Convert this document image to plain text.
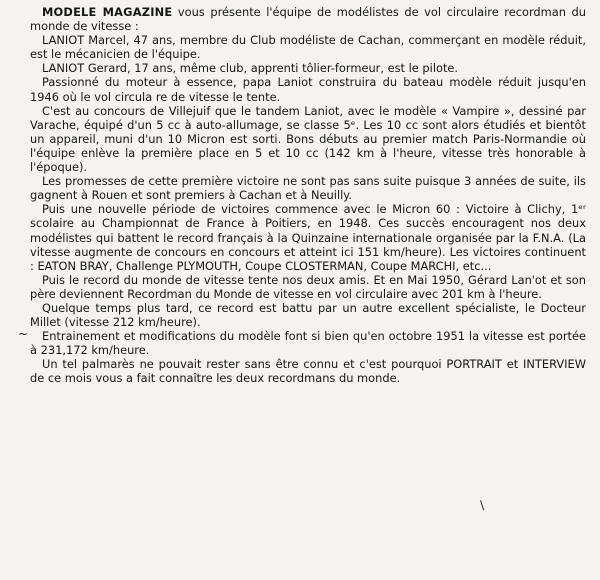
MODELE MAGAZINE vous présente l'équipe de modélistes de vol circulaire recordman du monde de vitesse :

LANIOT Marcel, 47 ans, membre du Club modéliste de Cachan, commerçant en modèle réduit, est le mécanicien de l'équipe.

LANIOT Gerard, 17 ans, même club, apprenti tôlier-formeur, est le pilote.

Passionné du moteur à essence, papa Laniot construira du bateau modèle réduit jusqu'en 1946 où le vol circula re de vitesse le tente.

C'est au concours de Villejuif que le tandem Laniot, avec le modèle « Vampire », dessiné par Varache, équipé d'un 5 cc à auto-allumage, se classe 5ᵉ. Les 10 cc sont alors étudiés et bientôt un appareil, muni d'un 10 Micron est sorti. Bons débuts au premier match Paris-Normandie où l'équipe enlève la première place en 5 et 10 cc (142 km à l'heure, vitesse très honorable à l'époque).

Les promesses de cette première victoire ne sont pas sans suite puisque 3 années de suite, ils gagnent à Rouen et sont premiers à Cachan et à Neuilly.

Puis une nouvelle période de victoires commence avec le Micron 60 : Victoire à Clichy, 1ᵉʳ scolaire au Championnat de France à Poitiers, en 1948. Ces succès encouragent nos deux modélistes qui battent le record français à la Quinzaine internationale organisée par la F.N.A. (La vitesse augmente de concours en concours et atteint ici 151 km/heure). Les victoires continuent : EATON BRAY, Challenge PLYMOUTH, Coupe CLOSTERMAN, Coupe MARCHI, etc...

Puis le record du monde de vitesse tente nos deux amis. Et en Mai 1950, Gérard Lan'ot et son père deviennent Recordman du Monde de vitesse en vol circulaire avec 201 km à l'heure.

Quelque temps plus tard, ce record est battu par un autre excellent spécialiste, le Docteur Millet (vitesse 212 km/heure).

Entrainement et modifications du modèle font si bien qu'en octobre 1951 la vitesse est portée à 231,172 km/heure.

Un tel palmarès ne pouvait rester sans être connu et c'est pourquoi PORTRAIT et INTERVIEW de ce mois vous a fait connaître les deux recordmans du monde.

~
/
